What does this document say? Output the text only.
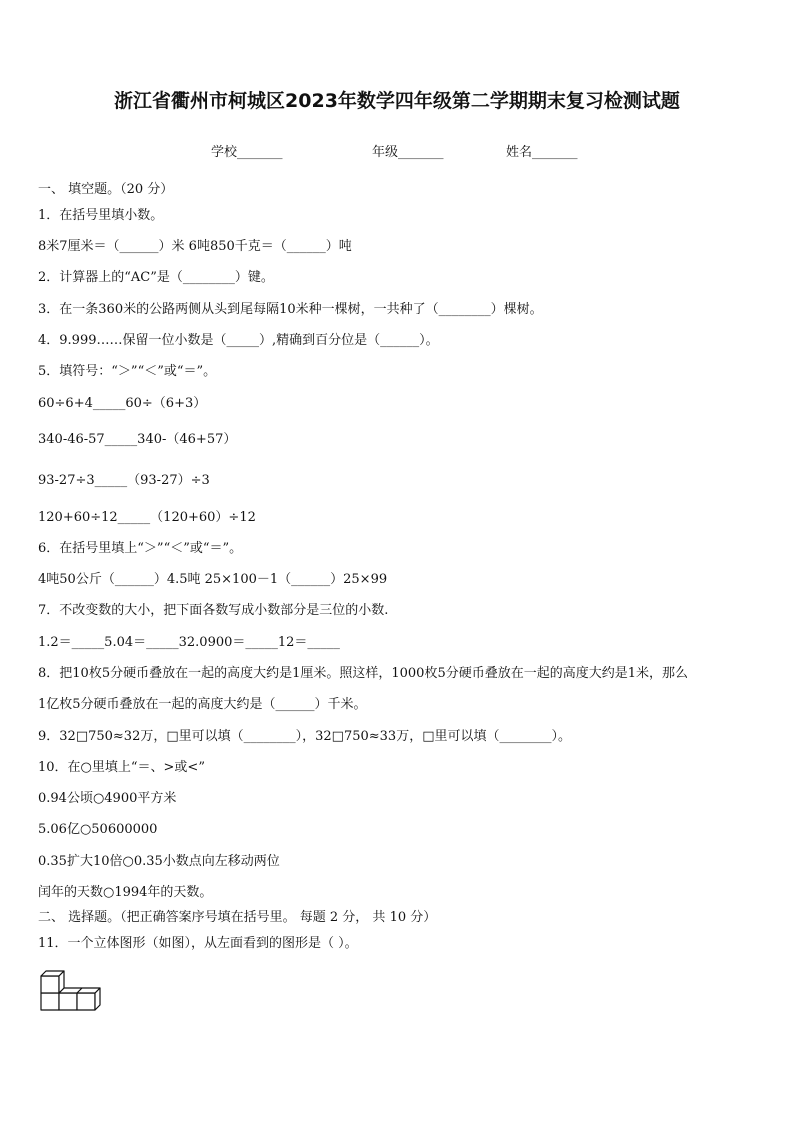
浙江省衢州市柯城区2023年数学四年级第二学期期末复习检测试题
学校_______	年级_______	姓名_______
一、 填空题。（20 分）
1．在括号里填小数。
8米7厘米＝（______）米 6吨850千克＝（______）吨
2．计算器上的“AC”是（________）键。
3．在一条360米的公路两侧从头到尾每隔10米种一棵树，一共种了（________）棵树。
4．9.999……保留一位小数是（_____）,精确到百分位是（______）。
5．填符号：“＞”“＜”或“＝”。
60÷6+4_____60÷（6+3）
340-46-57_____340-（46+57）
93-27÷3_____（93-27）÷3
120+60÷12_____（120+60）÷12
6．在括号里填上“＞”“＜”或“＝”。
4吨50公斤（______）4.5吨 25×100－1（______）25×99
7．不改变数的大小，把下面各数写成小数部分是三位的小数.
1.2＝_____5.04＝_____32.0900＝_____12＝_____
8．把10枚5分硬币叠放在一起的高度大约是1厘米。照这样，1000枚5分硬币叠放在一起的高度大约是1米，那么
1亿枚5分硬币叠放在一起的高度大约是（______）千米。
9．32□750≈32万，□里可以填（________），32□750≈33万，□里可以填（________）。
10．在○里填上“＝、>或<”
0.94公顷○4900平方米
5.06亿○50600000
0.35扩大10倍○0.35小数点向左移动两位
闰年的天数○1994年的天数。
二、 选择题。（把正确答案序号填在括号里。 每题 2 分， 共 10 分）
11．一个立体图形（如图），从左面看到的图形是（ ）。
